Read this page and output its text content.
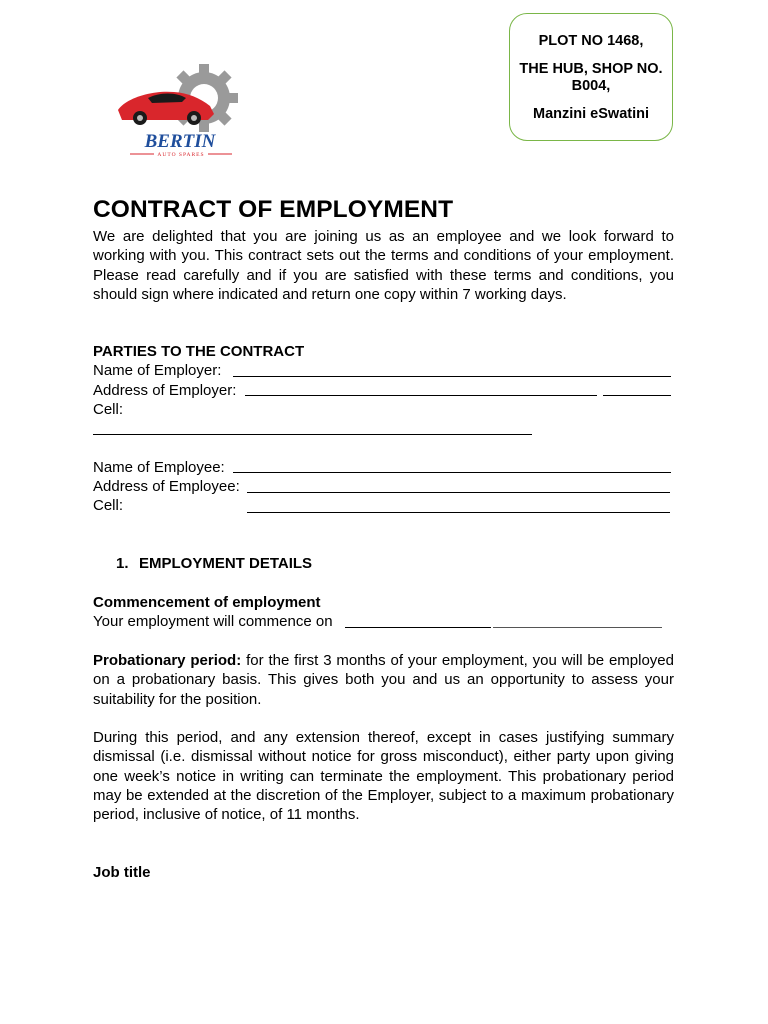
BERTIN
AUTO SPARES
PLOT NO 1468,
THE HUB, SHOP NO. B004,
Manzini eSwatini
CONTRACT OF EMPLOYMENT

We are delighted that you are joining us as an employee and we look forward to working with you. This contract sets out the terms and conditions of your employment. Please read carefully and if you are satisfied with these terms and conditions, you should sign where indicated and return one copy within 7 working days.

PARTIES TO THE CONTRACT
Name of Employer:
Address of Employer:
Cell:
Name of Employee:
Address of Employee:
Cell:
1. EMPLOYMENT DETAILS
Commencement of employment
Your employment will commence on

Probationary period: for the first 3 months of your employment, you will be employed on a probationary basis. This gives both you and us an opportunity to assess your suitability for the position.

During this period, and any extension thereof, except in cases justifying summary dismissal (i.e. dismissal without notice for gross misconduct), either party upon giving one week’s notice in writing can terminate the employment. This probationary period may be extended at the discretion of the Employer, subject to a maximum probationary period, inclusive of notice, of 11 months.

Job title
